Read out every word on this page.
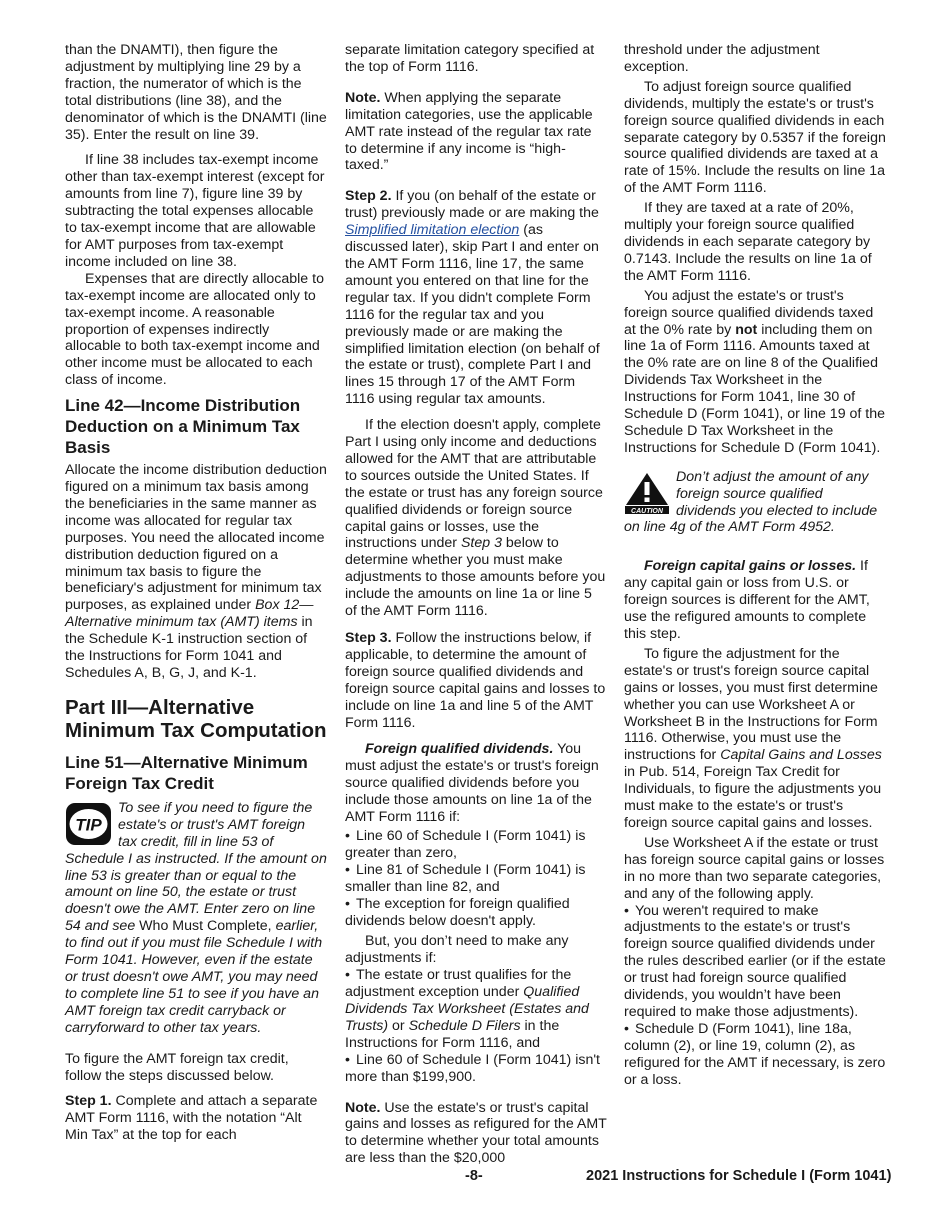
than the DNAMTI), then figure the adjustment by multiplying line 29 by a fraction, the numerator of which is the total distributions (line 38), and the denominator of which is the DNAMTI (line 35). Enter the result on line 39.

If line 38 includes tax-exempt income other than tax-exempt interest (except for amounts from line 7), figure line 39 by subtracting the total expenses allocable to tax-exempt income that are allowable for AMT purposes from tax-exempt income included on line 38.

Expenses that are directly allocable to tax-exempt income are allocated only to tax-exempt income. A reasonable proportion of expenses indirectly allocable to both tax-exempt income and other income must be allocated to each class of income.

Line 42—Income Distribution Deduction on a Minimum Tax Basis

Allocate the income distribution deduction figured on a minimum tax basis among the beneficiaries in the same manner as income was allocated for regular tax purposes. You need the allocated income distribution deduction figured on a minimum tax basis to figure the beneficiary's adjustment for minimum tax purposes, as explained under Box 12—Alternative minimum tax (AMT) items in the Schedule K-1 instruction section of the Instructions for Form 1041 and Schedules A, B, G, J, and K-1.

Part III—Alternative Minimum Tax Computation
Line 51—Alternative Minimum Foreign Tax Credit
TIP
To see if you need to figure the estate's or trust's AMT foreign tax credit, fill in line 53 of Schedule I as instructed. If the amount on line 53 is greater than or equal to the amount on line 50, the estate or trust doesn't owe the AMT. Enter zero on line 54 and see Who Must Complete, earlier, to find out if you must file Schedule I with Form 1041. However, even if the estate or trust doesn't owe AMT, you may need to complete line 51 to see if you have an AMT foreign tax credit carryback or carryforward to other tax years.

To figure the AMT foreign tax credit, follow the steps discussed below.

Step 1. Complete and attach a separate AMT Form 1116, with the notation “Alt Min Tax” at the top for each

separate limitation category specified at the top of Form 1116.

Note. When applying the separate limitation categories, use the applicable AMT rate instead of the regular tax rate to determine if any income is “high-taxed.”

Step 2. If you (on behalf of the estate or trust) previously made or are making the Simplified limitation election (as discussed later), skip Part I and enter on the AMT Form 1116, line 17, the same amount you entered on that line for the regular tax. If you didn't complete Form 1116 for the regular tax and you previously made or are making the simplified limitation election (on behalf of the estate or trust), complete Part I and lines 15 through 17 of the AMT Form 1116 using regular tax amounts.

If the election doesn't apply, complete Part I using only income and deductions allowed for the AMT that are attributable to sources outside the United States. If the estate or trust has any foreign source qualified dividends or foreign source capital gains or losses, use the instructions under Step 3 below to determine whether you must make adjustments to those amounts before you include the amounts on line 1a or line 5 of the AMT Form 1116.

Step 3. Follow the instructions below, if applicable, to determine the amount of foreign source qualified dividends and foreign source capital gains and losses to include on line 1a and line 5 of the AMT Form 1116.

Foreign qualified dividends. You must adjust the estate's or trust's foreign source qualified dividends before you include those amounts on line 1a of the AMT Form 1116 if:

• Line 60 of Schedule I (Form 1041) is greater than zero,

• Line 81 of Schedule I (Form 1041) is smaller than line 82, and

• The exception for foreign qualified dividends below doesn't apply.

But, you don’t need to make any adjustments if:

• The estate or trust qualifies for the adjustment exception under Qualified Dividends Tax Worksheet (Estates and Trusts) or Schedule D Filers in the Instructions for Form 1116, and

• Line 60 of Schedule I (Form 1041) isn't more than $199,900.

Note. Use the estate's or trust's capital gains and losses as refigured for the AMT to determine whether your total amounts are less than the $20,000

threshold under the adjustment exception.

To adjust foreign source qualified dividends, multiply the estate's or trust's foreign source qualified dividends in each separate category by 0.5357 if the foreign source qualified dividends are taxed at a rate of 15%. Include the results on line 1a of the AMT Form 1116.

If they are taxed at a rate of 20%, multiply your foreign source qualified dividends in each separate category by 0.7143. Include the results on line 1a of the AMT Form 1116.

You adjust the estate's or trust's foreign source qualified dividends taxed at the 0% rate by not including them on line 1a of Form 1116. Amounts taxed at the 0% rate are on line 8 of the Qualified Dividends Tax Worksheet in the Instructions for Form 1041, line 30 of Schedule D (Form 1041), or line 19 of the Schedule D Tax Worksheet in the Instructions for Schedule D (Form 1041).

CAUTION
Don’t adjust the amount of any foreign source qualified dividends you elected to include on line 4g of the AMT Form 4952.

Foreign capital gains or losses. If any capital gain or loss from U.S. or foreign sources is different for the AMT, use the refigured amounts to complete this step.

To figure the adjustment for the estate's or trust's foreign source capital gains or losses, you must first determine whether you can use Worksheet A or Worksheet B in the Instructions for Form 1116. Otherwise, you must use the instructions for Capital Gains and Losses in Pub. 514, Foreign Tax Credit for Individuals, to figure the adjustments you must make to the estate's or trust's foreign source capital gains and losses.

Use Worksheet A if the estate or trust has foreign source capital gains or losses in no more than two separate categories, and any of the following apply.

• You weren't required to make adjustments to the estate's or trust's foreign source qualified dividends under the rules described earlier (or if the estate or trust had foreign source qualified dividends, you wouldn’t have been required to make those adjustments).

• Schedule D (Form 1041), line 18a, column (2), or line 19, column (2), as refigured for the AMT if necessary, is zero or a loss.

-8-	2021 Instructions for Schedule I (Form 1041)
